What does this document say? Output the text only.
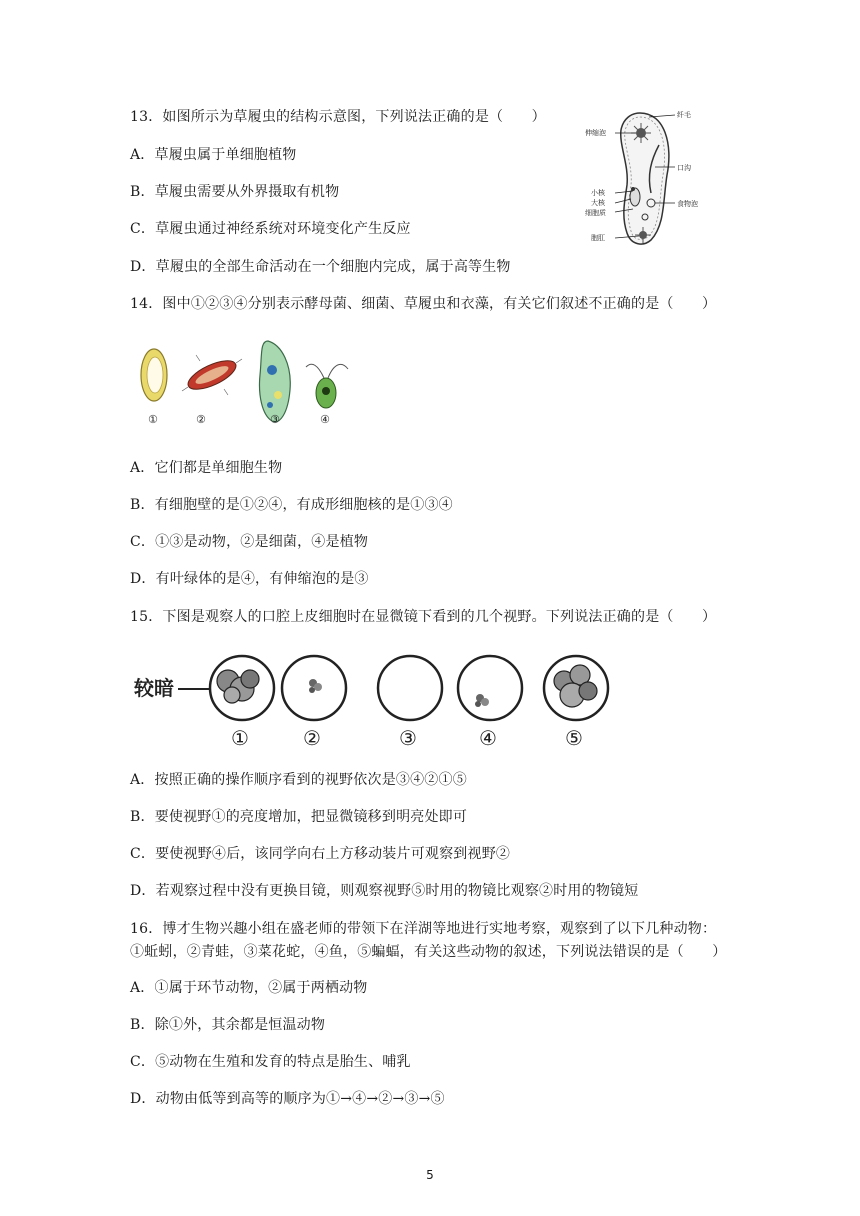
13．如图所示为草履虫的结构示意图，下列说法正确的是（　　）
A．草履虫属于单细胞植物
B．草履虫需要从外界摄取有机物
C．草履虫通过神经系统对环境变化产生反应
D．草履虫的全部生命活动在一个细胞内完成，属于高等生物
纤毛
伸缩泡
口沟
小核
大核
细胞质
食物泡
胞肛
14．图中①②③④分别表示酵母菌、细菌、草履虫和衣藻，有关它们叙述不正确的是（　　）
①	②	③	④
A．它们都是单细胞生物
B．有细胞壁的是①②④，有成形细胞核的是①③④
C．①③是动物，②是细菌，④是植物
D．有叶绿体的是④，有伸缩泡的是③
15．下图是观察人的口腔上皮细胞时在显微镜下看到的几个视野。下列说法正确的是（　　）
较暗
①	②	③	④	⑤
A．按照正确的操作顺序看到的视野依次是③④②①⑤
B．要使视野①的亮度增加，把显微镜移到明亮处即可
C．要使视野④后，该同学向右上方移动装片可观察到视野②
D．若观察过程中没有更换目镜，则观察视野⑤时用的物镜比观察②时用的物镜短
16．博才生物兴趣小组在盛老师的带领下在洋湖等地进行实地考察，观察到了以下几种动物：
①蚯蚓，②青蛙，③菜花蛇，④鱼，⑤蝙蝠，有关这些动物的叙述，下列说法错误的是（　　）
A．①属于环节动物，②属于两栖动物
B．除①外，其余都是恒温动物
C．⑤动物在生殖和发育的特点是胎生、哺乳
D．动物由低等到高等的顺序为①→④→②→③→⑤
5
